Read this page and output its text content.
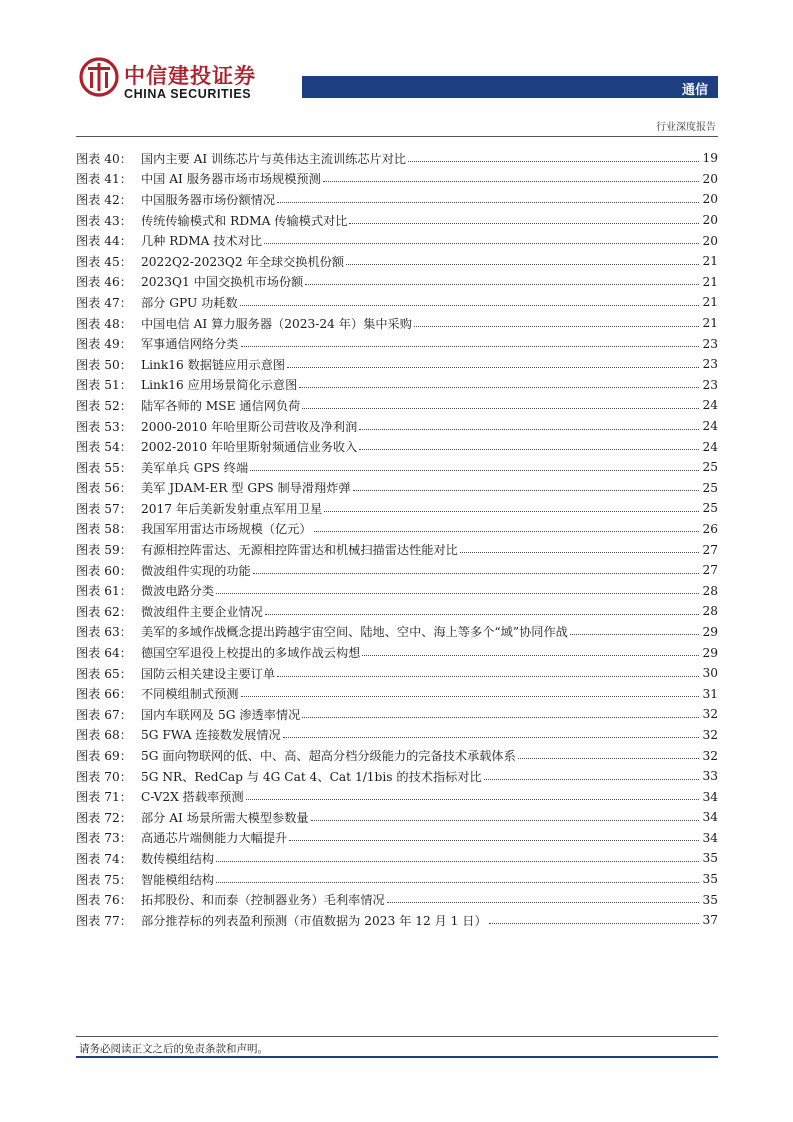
中信建投证券
CHINA SECURITIES	通信
行业深度报告
图表 40： 国内主要 AI 训练芯片与英伟达主流训练芯片对比	19
图表 41： 中国 AI 服务器市场市场规模预测	20
图表 42： 中国服务器市场份额情况	20
图表 43： 传统传输模式和 RDMA 传输模式对比	20
图表 44： 几种 RDMA 技术对比	20
图表 45： 2022Q2-2023Q2 年全球交换机份额	21
图表 46： 2023Q1 中国交换机市场份额	21
图表 47： 部分 GPU 功耗数	21
图表 48： 中国电信 AI 算力服务器（2023-24 年）集中采购	21
图表 49： 军事通信网络分类	23
图表 50： Link16 数据链应用示意图	23
图表 51： Link16 应用场景简化示意图	23
图表 52： 陆军各师的 MSE 通信网负荷	24
图表 53： 2000-2010 年哈里斯公司营收及净利润	24
图表 54： 2002-2010 年哈里斯射频通信业务收入	24
图表 55： 美军单兵 GPS 终端	25
图表 56： 美军 JDAM-ER 型 GPS 制导滑翔炸弹	25
图表 57： 2017 年后美新发射重点军用卫星	25
图表 58： 我国军用雷达市场规模（亿元）	26
图表 59： 有源相控阵雷达、无源相控阵雷达和机械扫描雷达性能对比	27
图表 60： 微波组件实现的功能	27
图表 61： 微波电路分类	28
图表 62： 微波组件主要企业情况	28
图表 63： 美军的多域作战概念提出跨越宇宙空间、陆地、空中、海上等多个“域”协同作战	29
图表 64： 德国空军退役上校提出的多域作战云构想	29
图表 65： 国防云相关建设主要订单	30
图表 66： 不同模组制式预测	31
图表 67： 国内车联网及 5G 渗透率情况	32
图表 68： 5G FWA 连接数发展情况	32
图表 69： 5G 面向物联网的低、中、高、超高分档分级能力的完备技术承载体系	32
图表 70： 5G NR、RedCap 与 4G Cat 4、Cat 1/1bis 的技术指标对比	33
图表 71： C-V2X 搭载率预测	34
图表 72： 部分 AI 场景所需大模型参数量	34
图表 73： 高通芯片端侧能力大幅提升	34
图表 74： 数传模组结构	35
图表 75： 智能模组结构	35
图表 76： 拓邦股份、和而泰（控制器业务）毛利率情况	35
图表 77： 部分推荐标的列表盈利预测（市值数据为 2023 年 12 月 1 日）	37
请务必阅读正文之后的免责条款和声明。
